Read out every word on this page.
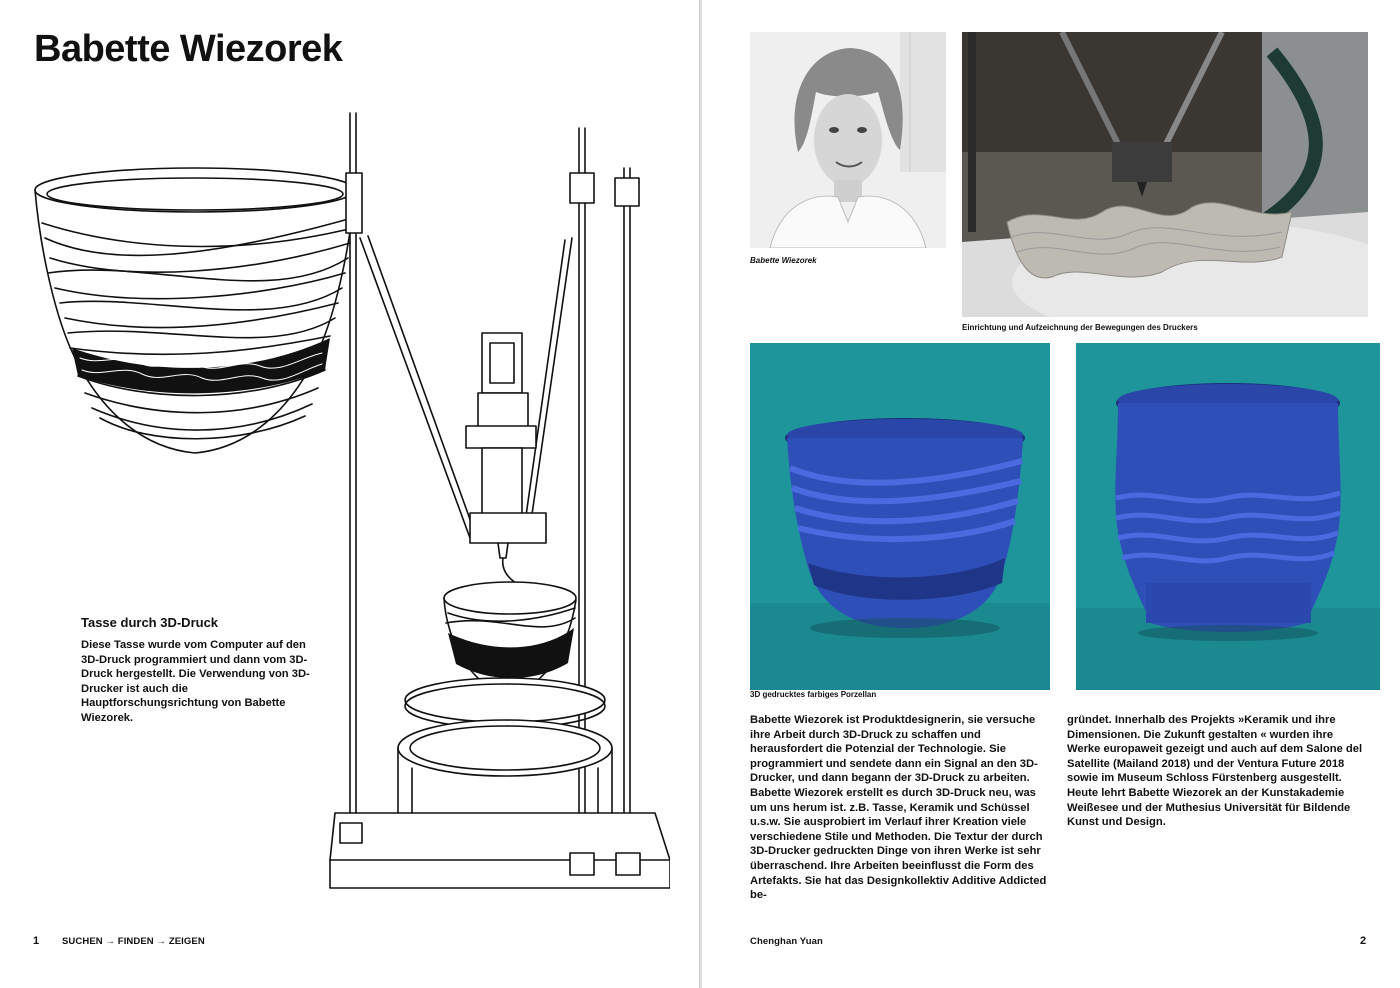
Babette Wiezorek
Tasse durch 3D-Druck

Diese Tasse wurde vom Computer auf den 3D-Druck programmiert und dann vom 3D-Druck hergestellt. Die Verwendung von 3D-Drucker ist auch die Hauptforschungsrichtung von Babette Wiezorek.

1 SUCHEN → FINDEN → ZEIGEN
Babette Wiezorek
Einrichtung und Aufzeichnung der Bewegungen des Druckers
3D gedrucktes farbiges Porzellan

Babette Wiezorek ist Produktdesignerin, sie versuche ihre Arbeit durch 3D-Druck zu schaffen und herausfordert die Potenzial der Technologie. Sie programmiert und sendete dann ein Signal an den 3D-Drucker, und dann begann der 3D-Druck zu arbeiten. Babette Wiezorek erstellt es durch 3D-Druck neu, was um uns herum ist. z.B. Tasse, Keramik und Schüssel u.s.w. Sie ausprobiert im Verlauf ihrer Kreation viele verschiedene Stile und Methoden. Die Textur der durch 3D-Drucker gedruckten Dinge von ihren Werke ist sehr überraschend. Ihre Arbeiten beeinflusst die Form des Artefakts. Sie hat das Designkollektiv Additive Addicted be-

gründet. Innerhalb des Projekts »Keramik und ihre Dimensionen. Die Zukunft gestalten « wurden ihre Werke europaweit gezeigt und auch auf dem Salone del Satellite (Mailand 2018) und der Ventura Future 2018 sowie im Museum Schloss Fürstenberg ausgestellt. Heute lehrt Babette Wiezorek an der Kunstakademie Weißesee und der Muthesius Universität für Bildende Kunst und Design.

Chenghan Yuan	2
